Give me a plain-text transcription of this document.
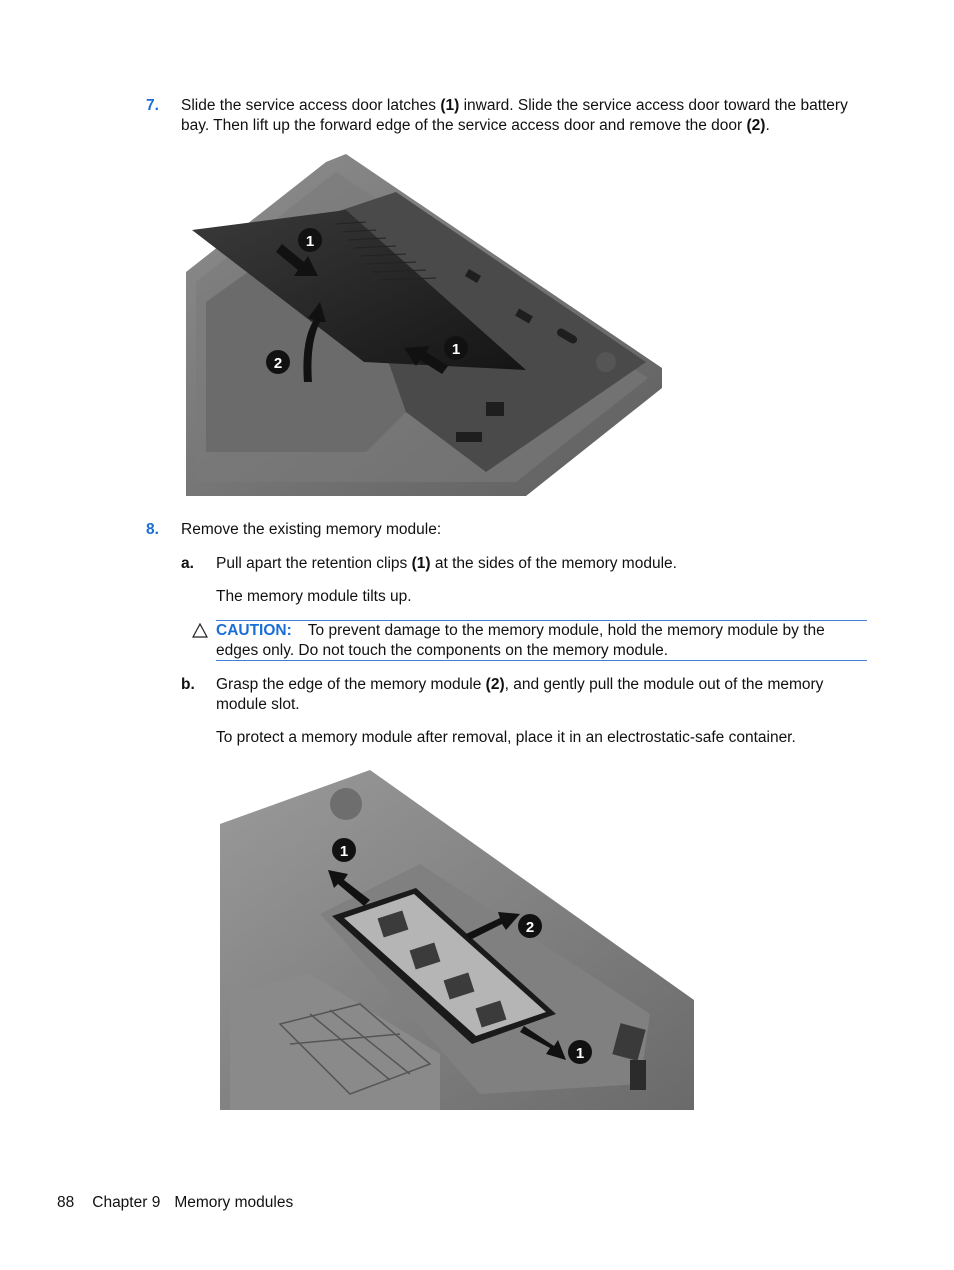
7. Slide the service access door latches (1) inward. Slide the service access door toward the battery
bay. Then lift up the forward edge of the service access door and remove the door (2).
1
2
1
8. Remove the existing memory module:
a. Pull apart the retention clips (1) at the sides of the memory module.
The memory module tilts up.
CAUTION: To prevent damage to the memory module, hold the memory module by the
edges only. Do not touch the components on the memory module.
b. Grasp the edge of the memory module (2), and gently pull the module out of the memory
module slot.
To protect a memory module after removal, place it in an electrostatic-safe container.
1
2
1
88 Chapter 9 Memory modules
